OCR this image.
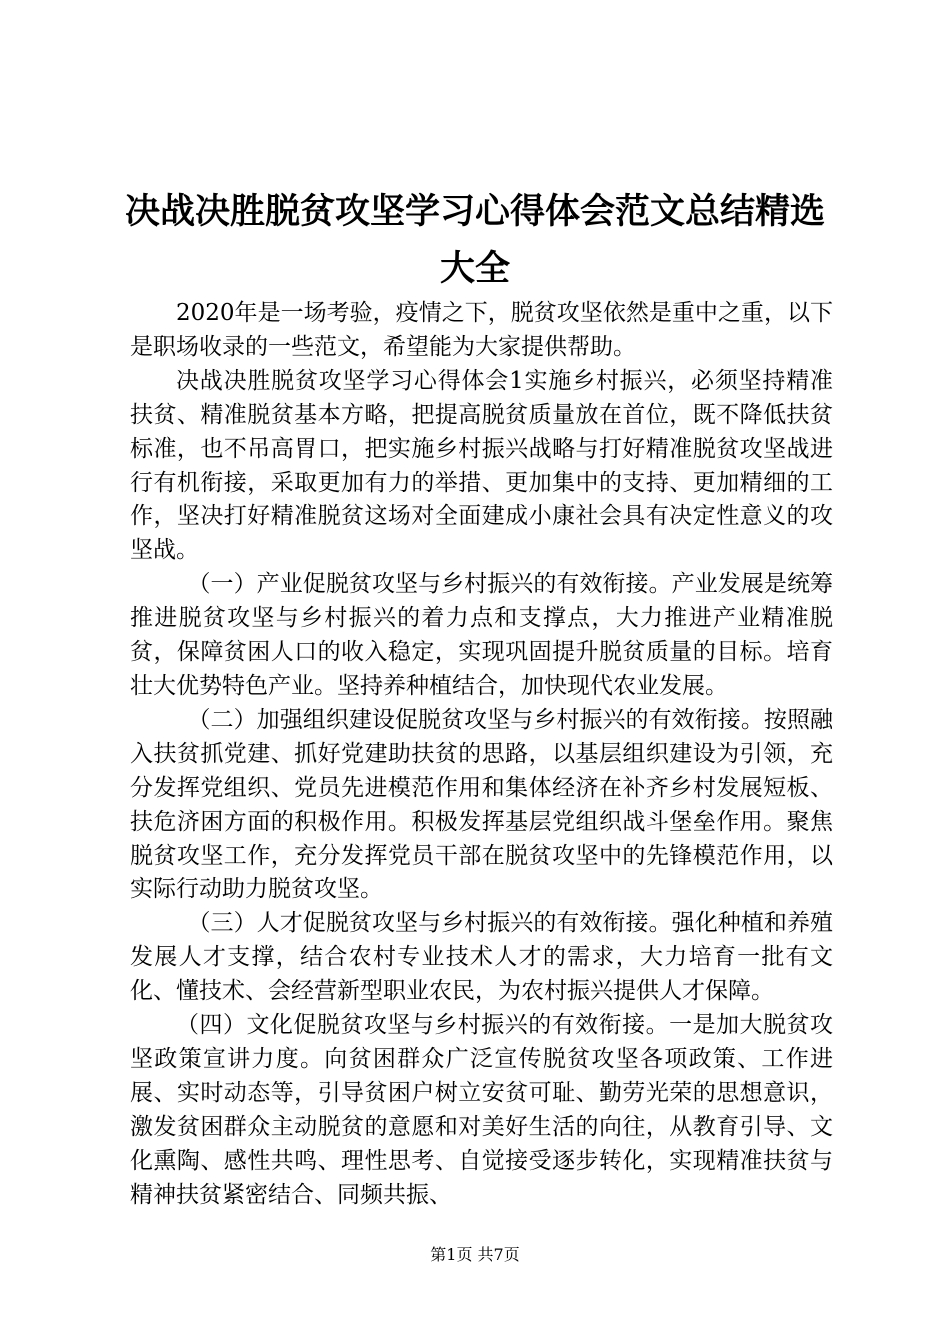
决战决胜脱贫攻坚学习心得体会范文总结精选大全

2020年是一场考验，疫情之下，脱贫攻坚依然是重中之重，以下是职场收录的一些范文，希望能为大家提供帮助。

决战决胜脱贫攻坚学习心得体会1实施乡村振兴，必须坚持精准扶贫、精准脱贫基本方略，把提高脱贫质量放在首位，既不降低扶贫标准，也不吊高胃口，把实施乡村振兴战略与打好精准脱贫攻坚战进行有机衔接，采取更加有力的举措、更加集中的支持、更加精细的工作，坚决打好精准脱贫这场对全面建成小康社会具有决定性意义的攻坚战。

（一）产业促脱贫攻坚与乡村振兴的有效衔接。产业发展是统筹推进脱贫攻坚与乡村振兴的着力点和支撑点，大力推进产业精准脱贫，保障贫困人口的收入稳定，实现巩固提升脱贫质量的目标。培育壮大优势特色产业。坚持养种植结合，加快现代农业发展。

（二）加强组织建设促脱贫攻坚与乡村振兴的有效衔接。按照融入扶贫抓党建、抓好党建助扶贫的思路，以基层组织建设为引领，充分发挥党组织、党员先进模范作用和集体经济在补齐乡村发展短板、扶危济困方面的积极作用。积极发挥基层党组织战斗堡垒作用。聚焦脱贫攻坚工作，充分发挥党员干部在脱贫攻坚中的先锋模范作用，以实际行动助力脱贫攻坚。

（三）人才促脱贫攻坚与乡村振兴的有效衔接。强化种植和养殖发展人才支撑，结合农村专业技术人才的需求，大力培育一批有文化、懂技术、会经营新型职业农民，为农村振兴提供人才保障。

（四）文化促脱贫攻坚与乡村振兴的有效衔接。一是加大脱贫攻坚政策宣讲力度。向贫困群众广泛宣传脱贫攻坚各项政策、工作进展、实时动态等，引导贫困户树立安贫可耻、勤劳光荣的思想意识，激发贫困群众主动脱贫的意愿和对美好生活的向往，从教育引导、文化熏陶、感性共鸣、理性思考、自觉接受逐步转化，实现精准扶贫与精神扶贫紧密结合、同频共振、

第1页 共7页
